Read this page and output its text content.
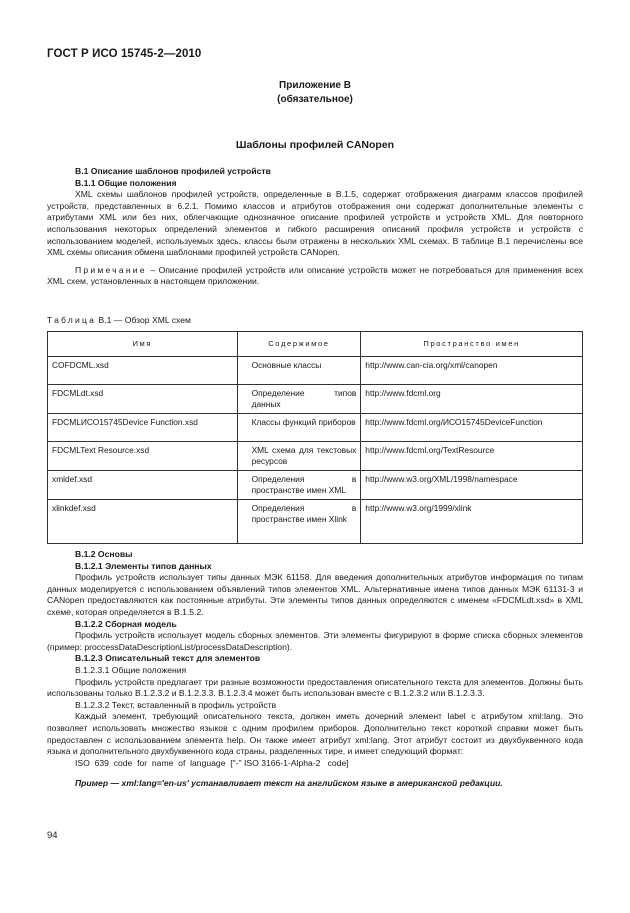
ГОСТ Р ИСО 15745-2—2010
Приложение B
(обязательное)
Шаблоны профилей CANopen

B.1 Описание шаблонов профилей устройств

B.1.1 Общие положения

XML схемы шаблонов профилей устройств, определенные в B.1.5, содержат отображения диаграмм классов профилей устройств, представленных в 6.2.1. Помимо классов и атрибутов отображения они содержат дополнительные элементы с атрибутами XML или без них, облегчающие однозначное описание профилей устройств и устройств XML. Для повторного использования некоторых определений элементов и гибкого расширения описаний профиля устройств и устройств с использованием моделей, используемых здесь, классы были отражены в нескольких XML схемах. В таблице B.1 перечислены все XML схемы описания обмена шаблонами профилей устройств CANopen.

Примечание – Описание профилей устройств или описание устройств может не потребоваться для применения всех XML схем, установленных в настоящем приложении.

Таблица B.1 — Обзор XML схем

Имя	Содержимое	Пространство имен
COFDCML.xsd	Основные классы	http://www.can-cia.org/xml/canopen
FDCMLdt.xsd	Определение типов данных	http://www.fdcml.org
FDCMLИСО15745Device Function.xsd	Классы функций приборов	http://www.fdcml.org/ИСО15745DeviceFunction
FDCMLText Resource.xsd	XML схема для текстовых ресурсов	http://www.fdcml.org/TextResource
xmldef.xsd	Определения в пространстве имен XML	http://www.w3.org/XML/1998/namespace
xlinkdef.xsd	Определения в пространстве имен Xlink	http://www.w3.org/1999/xlink

B.1.2 Основы

B.1.2.1 Элементы типов данных

Профиль устройств использует типы данных МЭК 61158. Для введения дополнительных атрибутов информация по типам данных моделируется с использованием объявлений типов элементов XML. Альтернативные имена типов данных МЭК 61131-3 и CANopen предоставляются как постоянные атрибуты. Эти элементы типов данных определяются с именем «FDCMLdt.xsd» в XML схеме, которая определяется в B.1.5.2.

B.1.2.2 Сборная модель

Профиль устройств использует модель сборных элементов. Эти элементы фигурируют в форме списка сборных элементов (пример: proccessDataDescriptionList/processDataDescription).

B.1.2.3 Описательный текст для элементов

B.1.2.3.1 Общие положения

Профиль устройств предлагает три разные возможности предоставления описательного текста для элементов. Должны быть использованы только B.1.2.3.2 и B.1.2.3.3. B.1.2.3.4 может быть использован вместе с B.1.2.3.2 или B.1.2.3.3.

B.1.2.3.2 Текст, вставленный в профиль устройств

Каждый элемент, требующий описательного текста, должен иметь дочерний элемент label с атрибутом xml:lang. Это позволяет использовать множество языков с одним профилем приборов. Дополнительно текст короткой справки может быть предоставлен с использованием элемента help. Он также имеет атрибут xml:lang. Этот атрибут состоит из двухбуквенного кода языка и дополнительного двухбуквенного кода страны, разделенных тире, и имеет следующий формат:

ISO  639  code  for  name  of  language  ["-" ISO 3166-1-Alpha-2   code]

Пример — xml:lang='en-us' устанавливает текст на английском языке в американской редакции.

94
